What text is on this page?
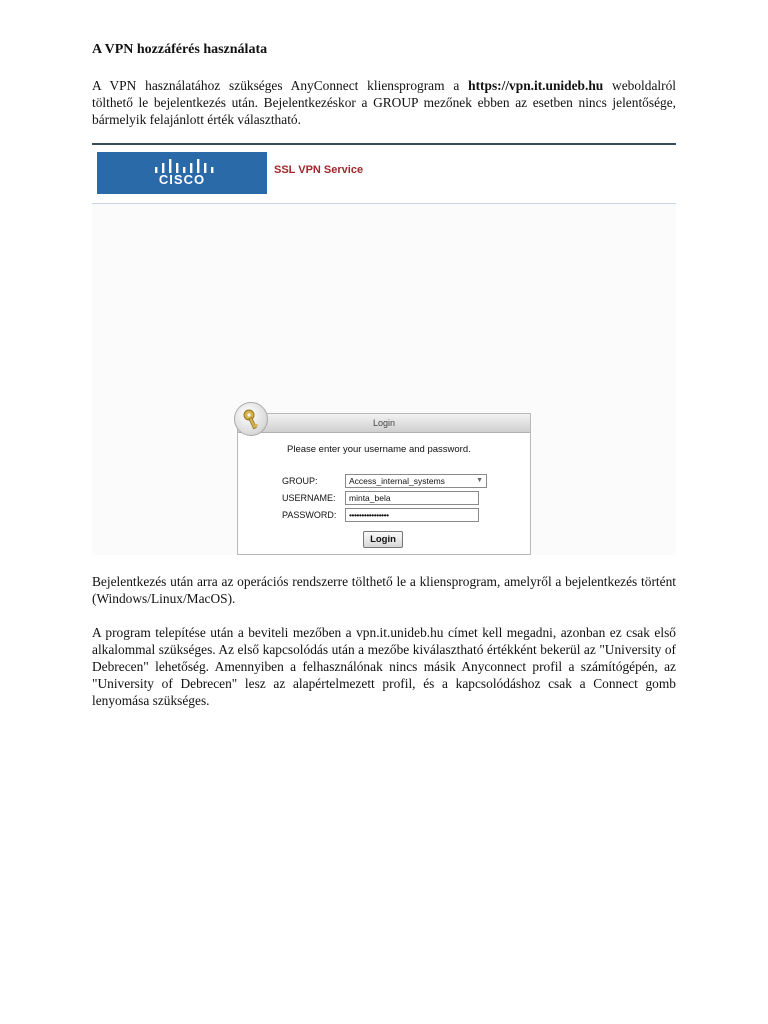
A VPN hozzáférés használata

A VPN használatához szükséges AnyConnect kliensprogram a https://vpn.it.unideb.hu weboldalról tölthető le bejelentkezés után. Bejelentkezéskor a GROUP mezőnek ebben az esetben nincs jelentősége, bármelyik felajánlott érték választható.

Bejelentkezés után arra az operációs rendszerre tölthető le a kliensprogram, amelyről a bejelentkezés történt (Windows/Linux/MacOS).

A program telepítése után a beviteli mezőben a vpn.it.unideb.hu címet kell megadni, azonban ez csak első alkalommal szükséges. Az első kapcsolódás után a mezőbe kiválasztható értékként bekerül az "University of Debrecen" lehetőség. Amennyiben a felhasználónak nincs másik Anyconnect profil a számítógépén, az "University of Debrecen" lesz az alapértelmezett profil, és a kapcsolódáshoz csak a Connect gomb lenyomása szükséges.

CISCO
SSL VPN Service
Login
Please enter your username and password.
GROUP:	Access_internal_systems	▼
USERNAME:	minta_bela
PASSWORD:	••••••••••••••••
Login
